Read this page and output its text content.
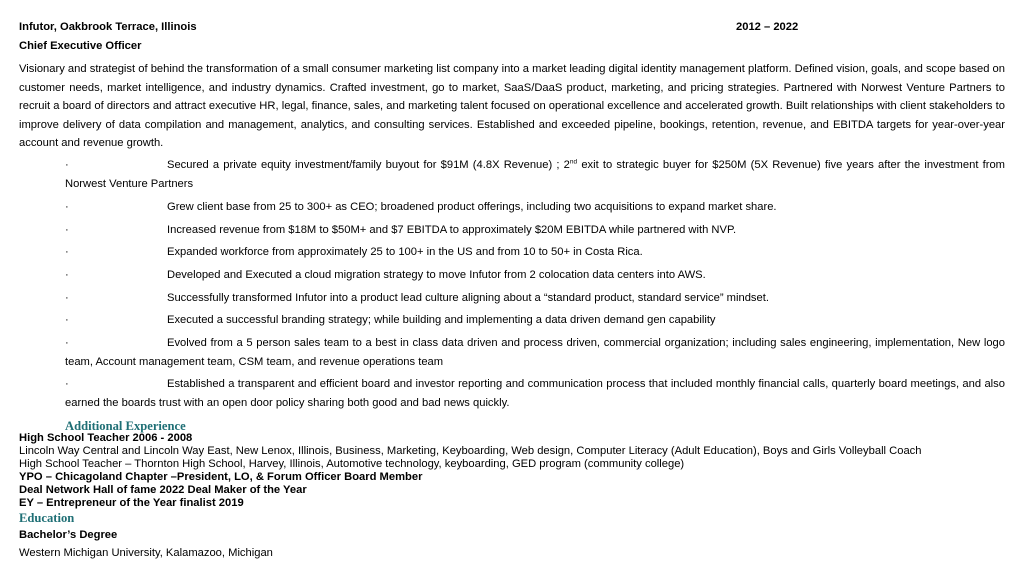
Infutor, Oakbrook Terrace, Illinois	2012 – 2022
Chief Executive Officer
Visionary and strategist of behind the transformation of a small consumer marketing list company into a market leading digital identity management platform. Defined vision, goals, and scope based on customer needs, market intelligence, and industry dynamics. Crafted investment, go to market, SaaS/DaaS product, marketing, and pricing strategies. Partnered with Norwest Venture Partners to recruit a board of directors and attract executive HR, legal, finance, sales, and marketing talent focused on operational excellence and accelerated growth. Built relationships with client stakeholders to improve delivery of data compilation and management, analytics, and consulting services. Established and exceeded pipeline, bookings, retention, revenue, and EBITDA targets for year-over-year account and revenue growth.
·	Secured a private equity investment/family buyout for $91M (4.8X Revenue) ; 2nd exit to strategic buyer for $250M (5X Revenue) five years after the investment from Norwest Venture Partners
·	Grew client base from 25 to 300+ as CEO; broadened product offerings, including two acquisitions to expand market share.
·	Increased revenue from $18M to $50M+ and $7 EBITDA to approximately $20M EBITDA while partnered with NVP.
·	Expanded workforce from approximately 25 to 100+ in the US and from 10 to 50+ in Costa Rica.
·	Developed and Executed a cloud migration strategy to move Infutor from 2 colocation data centers into AWS.
·	Successfully transformed Infutor into a product lead culture aligning about a “standard product, standard service” mindset.
·	Executed a successful branding strategy; while building and implementing a data driven demand gen capability
·	Evolved from a 5 person sales team to a best in class data driven and process driven, commercial organization; including sales engineering, implementation, New logo team, Account management team, CSM team, and revenue operations team
·	Established a transparent and efficient board and investor reporting and communication process that included monthly financial calls, quarterly board meetings, and also earned the boards trust with an open door policy sharing both good and bad news quickly.
Additional Experience
High School Teacher 2006 - 2008
Lincoln Way Central and Lincoln Way East, New Lenox, Illinois, Business, Marketing, Keyboarding, Web design, Computer Literacy (Adult Education), Boys and Girls Volleyball Coach
High School Teacher – Thornton High School, Harvey, Illinois, Automotive technology, keyboarding, GED program (community college)
YPO – Chicagoland Chapter –President, LO, & Forum Officer Board Member
Deal Network Hall of fame 2022 Deal Maker of the Year
EY – Entrepreneur of the Year finalist 2019
Education
Bachelor’s Degree
Western Michigan University, Kalamazoo, Michigan
